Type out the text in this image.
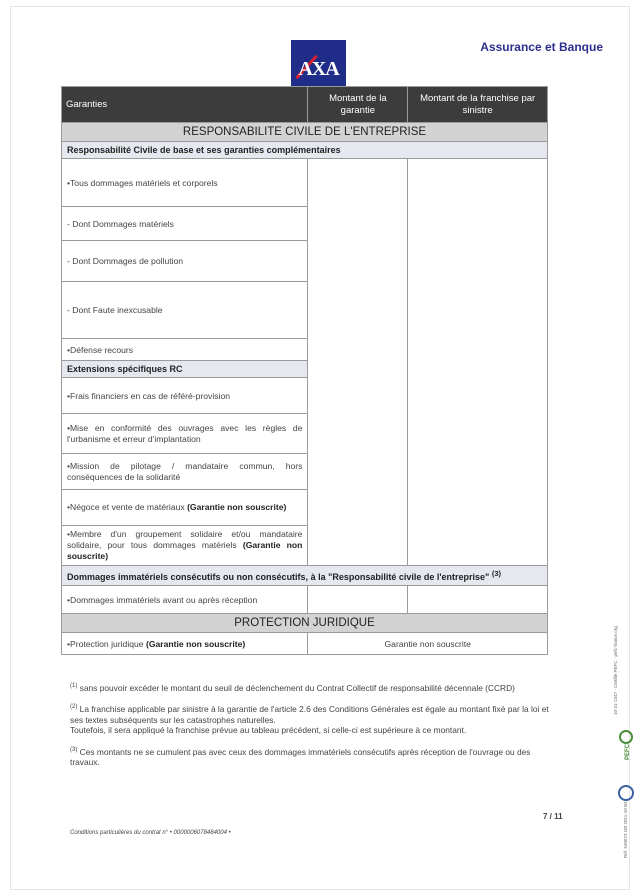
AXA
Assurance et Banque
Garanties	Montant de la garantie	Montant de la franchise par sinistre
RESPONSABILITE CIVILE DE L'ENTREPRISE		
Responsabilité Civile de base et ses garanties complémentaires		
•Tous dommages matériels et corporels		
- Dont Dommages matériels		
- Dont Dommages de pollution		
- Dont Faute inexcusable		
•Défense recours		
Extensions spécifiques RC		
•Frais financiers en cas de référé-provision		
•Mise en conformité des ouvrages avec les règles de l'urbanisme et erreur d'implantation		
•Mission de pilotage / mandataire commun, hors conséquences de la solidarité		
•Négoce et vente de matériaux (Garantie non souscrite)		
•Membre d'un groupement solidaire et/ou mandataire solidaire, pour tous dommages matériels (Garantie non souscrite)		
Dommages immatériels consécutifs ou non consécutifs, à la "Responsabilité civile de l'entreprise" $^{(3)}$
•Dommages immatériels avant ou après réception		
PROTECTION JURIDIQUE		
•Protection juridique (Garantie non souscrite)	Garantie non souscrite	

$^{(1)}$ sans pouvoir excéder le montant du seuil de déclenchement du Contrat Collectif de responsabilité décennale (CCRD)

$^{(2)}$ La franchise applicable par sinistre à la garantie de l'article 2.6 des Conditions Générales est égale au montant fixé par la loi et ses textes subséquents sur les catastrophes naturelles.

Toutefois, il sera appliqué la franchise prévue au tableau précédent, si celle-ci est supérieure à ce montant.

$^{(3)}$ Ces montants ne se cumulent pas avec ceux des dommages immatériels consécutifs après réception de l'ouvrage ou des travaux.

7 / 11
Conditions particulières du contrat n° • 0000006078484004 •
10-31-1347 · Certifié PEFC · pefc-france.org
PEFC
Réf. 540673 GB 2011-10 B3
